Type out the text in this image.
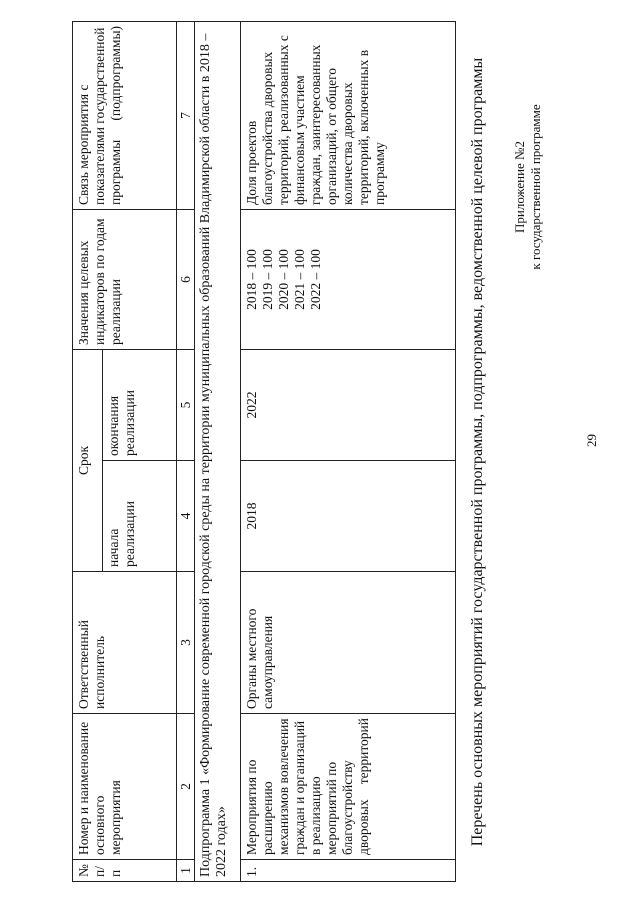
29
Приложение №2 к государственной программе
Перечень основных мероприятий государственной программы, подпрограммы, ведомственной целевой программы
№ п/п	Номер и наименование основного мероприятия	Ответственный исполнитель	Срок		Значения целевых индикаторов по годам реализации	Связь мероприятия с показателями государственной программы (подпрограммы)
			начала реализации	окончания реализации		
1	2	3	4	5	6	7
Подпрограмма 1 «Формирование современной городской среды на территории муниципальных образований Владимирской области в 2018 – 2022 годах»						
1.	Мероприятия по расширению механизмов вовлечения граждан и организаций в реализацию мероприятий по благоустройству дворовых территорий	Органы местного самоуправления	2018	2022	2018 – 100
2019 – 100
2020 – 100
2021 – 100
2022 – 100	Доля проектов благоустройства дворовых территорий, реализованных с финансовым участием граждан, заинтересованных организаций, от общего количества дворовых территорий, включенных в программу
